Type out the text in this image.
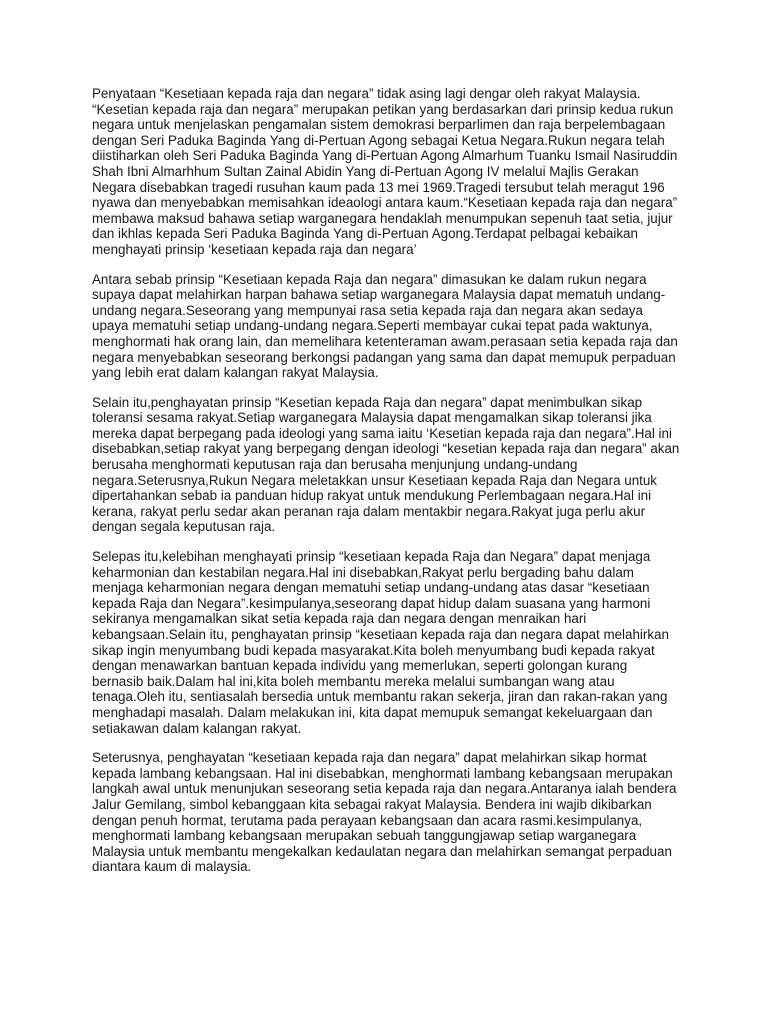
Penyataan “Kesetiaan kepada raja dan negara” tidak asing lagi dengar oleh rakyat Malaysia. “Kesetian kepada raja dan negara” merupakan petikan yang berdasarkan dari prinsip kedua rukun negara untuk menjelaskan pengamalan sistem demokrasi berparlimen dan raja berpelembagaan dengan Seri Paduka Baginda Yang di-Pertuan Agong sebagai Ketua Negara.Rukun negara telah diistiharkan oleh Seri Paduka Baginda Yang di-Pertuan Agong Almarhum Tuanku Ismail Nasiruddin Shah Ibni Almarhhum Sultan Zainal Abidin Yang di-Pertuan Agong IV melalui Majlis Gerakan Negara disebabkan tragedi rusuhan kaum pada 13 mei 1969.Tragedi tersubut telah meragut 196 nyawa dan menyebabkan memisahkan ideaologi antara kaum.“Kesetiaan kepada raja dan negara” membawa maksud bahawa setiap warganegara hendaklah menumpukan sepenuh taat setia, jujur dan ikhlas kepada Seri Paduka Baginda Yang di-Pertuan Agong.Terdapat pelbagai kebaikan menghayati prinsip ‘kesetiaan kepada raja dan negara’

Antara sebab prinsip “Kesetiaan kepada Raja dan negara” dimasukan ke dalam rukun negara supaya dapat melahirkan harpan bahawa setiap warganegara Malaysia dapat mematuh undang-undang negara.Seseorang yang mempunyai rasa setia kepada raja dan negara akan sedaya upaya mematuhi setiap undang-undang negara.Seperti membayar cukai tepat pada waktunya, menghormati hak orang lain, dan memelihara ketenteraman awam.perasaan setia kepada raja dan negara menyebabkan seseorang berkongsi padangan yang sama dan dapat memupuk perpaduan yang lebih erat dalam kalangan rakyat Malaysia.

Selain itu,penghayatan prinsip “Kesetian kepada Raja dan negara” dapat menimbulkan sikap toleransi sesama rakyat.Setiap warganegara Malaysia dapat mengamalkan sikap toleransi jika mereka dapat berpegang pada ideologi yang sama iaitu ‘Kesetian kepada raja dan negara”.Hal ini disebabkan,setiap rakyat yang berpegang dengan ideologi “kesetian kepada raja dan negara” akan berusaha menghormati keputusan raja dan berusaha menjunjung undang-undang negara.Seterusnya,Rukun Negara meletakkan unsur Kesetiaan kepada Raja dan Negara untuk dipertahankan sebab ia panduan hidup rakyat untuk mendukung Perlembagaan negara.Hal ini kerana, rakyat perlu sedar akan peranan raja dalam mentakbir negara.Rakyat juga perlu akur dengan segala keputusan raja.

Selepas itu,kelebihan menghayati prinsip “kesetiaan kepada Raja dan Negara” dapat menjaga keharmonian dan kestabilan negara.Hal ini disebabkan,Rakyat perlu bergading bahu dalam menjaga keharmonian negara dengan mematuhi setiap undang-undang atas dasar “kesetiaan kepada Raja dan Negara”.kesimpulanya,seseorang dapat hidup dalam suasana yang harmoni sekiranya mengamalkan sikat setia kepada raja dan negara dengan menraikan hari kebangsaan.Selain itu, penghayatan prinsip “kesetiaan kepada raja dan negara dapat melahirkan sikap ingin menyumbang budi kepada masyarakat.Kita boleh menyumbang budi kepada rakyat dengan menawarkan bantuan kepada individu yang memerlukan, seperti golongan kurang bernasib baik.Dalam hal ini,kita boleh membantu mereka melalui sumbangan wang atau tenaga.Oleh itu, sentiasalah bersedia untuk membantu rakan sekerja, jiran dan rakan-rakan yang menghadapi masalah. Dalam melakukan ini, kita dapat memupuk semangat kekeluargaan dan setiakawan dalam kalangan rakyat.

Seterusnya, penghayatan “kesetiaan kepada raja dan negara” dapat melahirkan sikap hormat kepada lambang kebangsaan. Hal ini disebabkan, menghormati lambang kebangsaan merupakan langkah awal untuk menunjukan seseorang setia kepada raja dan negara.Antaranya ialah bendera Jalur Gemilang, simbol kebanggaan kita sebagai rakyat Malaysia. Bendera ini wajib dikibarkan dengan penuh hormat, terutama pada perayaan kebangsaan dan acara rasmi.kesimpulanya, menghormati lambang kebangsaan merupakan sebuah tanggungjawap setiap warganegara Malaysia untuk membantu mengekalkan kedaulatan negara dan melahirkan semangat perpaduan diantara kaum di malaysia.
